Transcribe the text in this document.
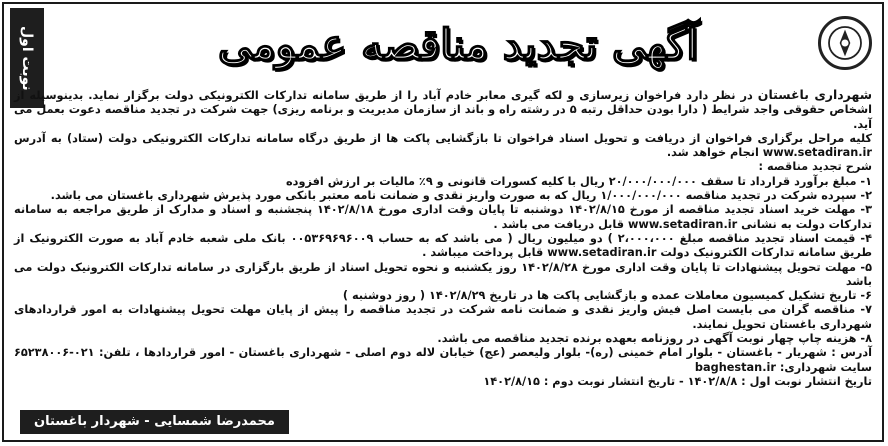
آگهی تجدید مناقصه عمومی
نوبت اول

شهرداری باغستان در نظر دارد فراخوان زیرسازی و لکه گیری معابر خادم آباد را از طریق سامانه تدارکات الکترونیکی دولت برگزار نماید. بدینوسیله از اشخاص حقوقی واجد شرایط ( دارا بودن حداقل رتبه ۵ در رشته راه و باند از سازمان مدیریت و برنامه ریزی) جهت شرکت در تجدید مناقصه دعوت بعمل می آید.

کلیه مراحل برگزاری فراخوان از دریافت و تحویل اسناد فراخوان تا بازگشایی پاکت ها از طریق درگاه سامانه تدارکات الکترونیکی دولت (ستاد) به آدرس www.setadiran.ir انجام خواهد شد.

شرح تجدید مناقصه :

۱- مبلغ برآورد قرارداد تا سقف ۲۰/۰۰۰/۰۰۰/۰۰۰ ریال با کلیه کسورات قانونی و ۹٪ مالیات بر ارزش افزوده

۲- سپرده شرکت در تجدید مناقصه ۱/۰۰۰/۰۰۰/۰۰۰ ریال که به صورت واریز نقدی و ضمانت نامه معتبر بانکی مورد پذیرش شهرداری باغستان می باشد.

۳- مهلت خرید اسناد تجدید مناقصه از مورخ ۱۴۰۲/۸/۱۵ دوشنبه تا پایان وقت اداری مورخ ۱۴۰۲/۸/۱۸ پنجشنبه و اسناد و مدارک از طریق مراجعه به سامانه تدارکات دولت به نشانی www.setadiran.ir قابل دریافت می باشد .

۴- قیمت اسناد تجدید مناقصه مبلغ ۲،۰۰۰،۰۰۰ ) دو میلیون ریال ( می باشد که به حساب ۰۰۵۳۶۹۶۹۶۰۰۹ بانک ملی شعبه خادم آباد به صورت الکترونیک از طریق سامانه تدارکات الکترونیک دولت www.setadiran.ir قابل پرداخت میباشد .

۵- مهلت تحویل پیشنهادات تا پایان وقت اداری مورخ ۱۴۰۲/۸/۲۸ روز یکشنبه و نحوه تحویل اسناد از طریق بارگزاری در سامانه تدارکات الکترونیک دولت می باشد

۶- تاریخ تشکیل کمیسیون معاملات عمده و بازگشایی پاکت ها در تاریخ ۱۴۰۲/۸/۲۹ ( روز دوشنبه )

۷- مناقصه گران می بایست اصل فیش واریز نقدی و ضمانت نامه شرکت در تجدید مناقصه را پیش از پایان مهلت تحویل پیشنهادات به امور قراردادهای شهرداری باغستان تحویل نمایند.

۸- هزینه چاپ چهار نوبت آگهی در روزنامه بعهده برنده تجدید مناقصه می باشد.

آدرس : شهریار - باغستان - بلوار امام خمینی (ره)- بلوار ولیعصر (عج) خیابان لاله دوم اصلی - شهرداری باغستان - امور قراردادها ، تلفن: ۰۲۱-۶۵۲۳۸۰۰۶ سایت شهرداری: baghestan.ir

تاریخ انتشار نوبت اول : ۱۴۰۲/۸/۸ - تاریخ انتشار نوبت دوم : ۱۴۰۲/۸/۱۵

محمدرضا شمسایی - شهردار باغستان
